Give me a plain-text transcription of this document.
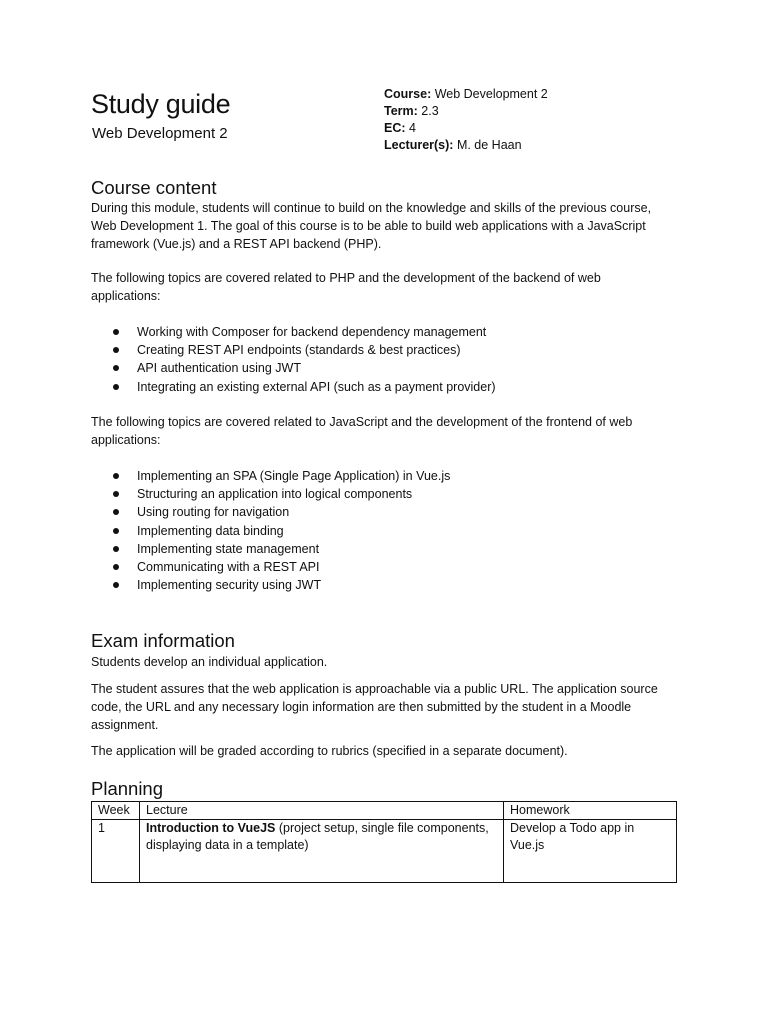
Study guide
Web Development 2
Course: Web Development 2
Term: 2.3
EC: 4
Lecturer(s): M. de Haan
Course content
During this module, students will continue to build on the knowledge and skills of the previous course, Web Development 1. The goal of this course is to be able to build web applications with a JavaScript framework (Vue.js) and a REST API backend (PHP).
The following topics are covered related to PHP and the development of the backend of web applications:
Working with Composer for backend dependency management
Creating REST API endpoints (standards & best practices)
API authentication using JWT
Integrating an existing external API (such as a payment provider)
The following topics are covered related to JavaScript and the development of the frontend of web applications:
Implementing an SPA (Single Page Application) in Vue.js
Structuring an application into logical components
Using routing for navigation
Implementing data binding
Implementing state management
Communicating with a REST API
Implementing security using JWT
Exam information
Students develop an individual application.
The student assures that the web application is approachable via a public URL. The application source code, the URL and any necessary login information are then submitted by the student in a Moodle assignment.
The application will be graded according to rubrics (specified in a separate document).
Planning
Week	Lecture	Homework
1	Introduction to VueJS (project setup, single file components, displaying data in a template)	Develop a Todo app in Vue.js
